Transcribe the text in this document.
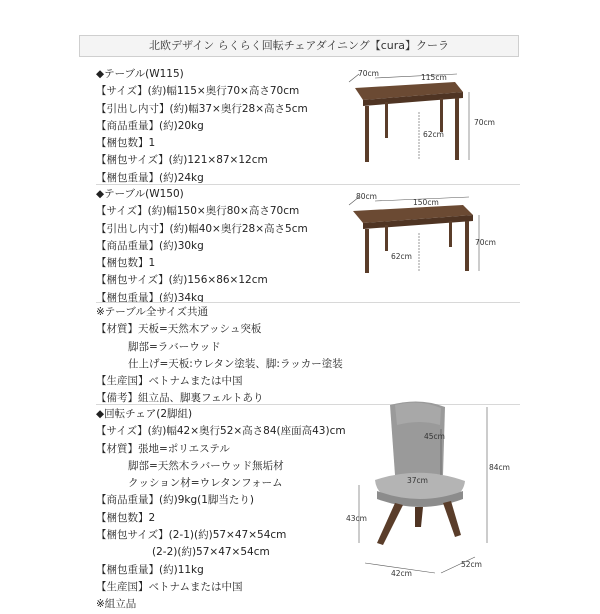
北欧デザイン らくらく回転チェアダイニング【cura】クーラ
◆テーブル(W115)
【サイズ】(約)幅115×奥行70×高さ70cm
【引出し内寸】(約)幅37×奥行28×高さ5cm
【商品重量】(約)20kg
【梱包数】1
【梱包サイズ】(約)121×87×12cm
【梱包重量】(約)24kg
70cm	115cm
70cm
62cm
◆テーブル(W150)
【サイズ】(約)幅150×奥行80×高さ70cm
【引出し内寸】(約)幅40×奥行28×高さ5cm
【商品重量】(約)30kg
【梱包数】1
【梱包サイズ】(約)156×86×12cm
【梱包重量】(約)34kg
80cm
150cm
70cm
62cm
※テーブル全サイズ共通
【材質】天板=天然木アッシュ突板
脚部=ラバーウッド
仕上げ=天板:ウレタン塗装、脚:ラッカー塗装
【生産国】ベトナムまたは中国
【備考】組立品、脚裏フェルトあり
◆回転チェア(2脚組)
【サイズ】(約)幅42×奥行52×高さ84(座面高43)cm
【材質】張地=ポリエステル
脚部=天然木ラバーウッド無垢材
クッション材=ウレタンフォーム
【商品重量】(約)9kg(1脚当たり)
【梱包数】2
【梱包サイズ】(2-1)(約)57×47×54cm
(2-2)(約)57×47×54cm
【梱包重量】(約)11kg
【生産国】ベトナムまたは中国
※組立品
45cm
37cm
84cm
43cm
42cm
52cm
